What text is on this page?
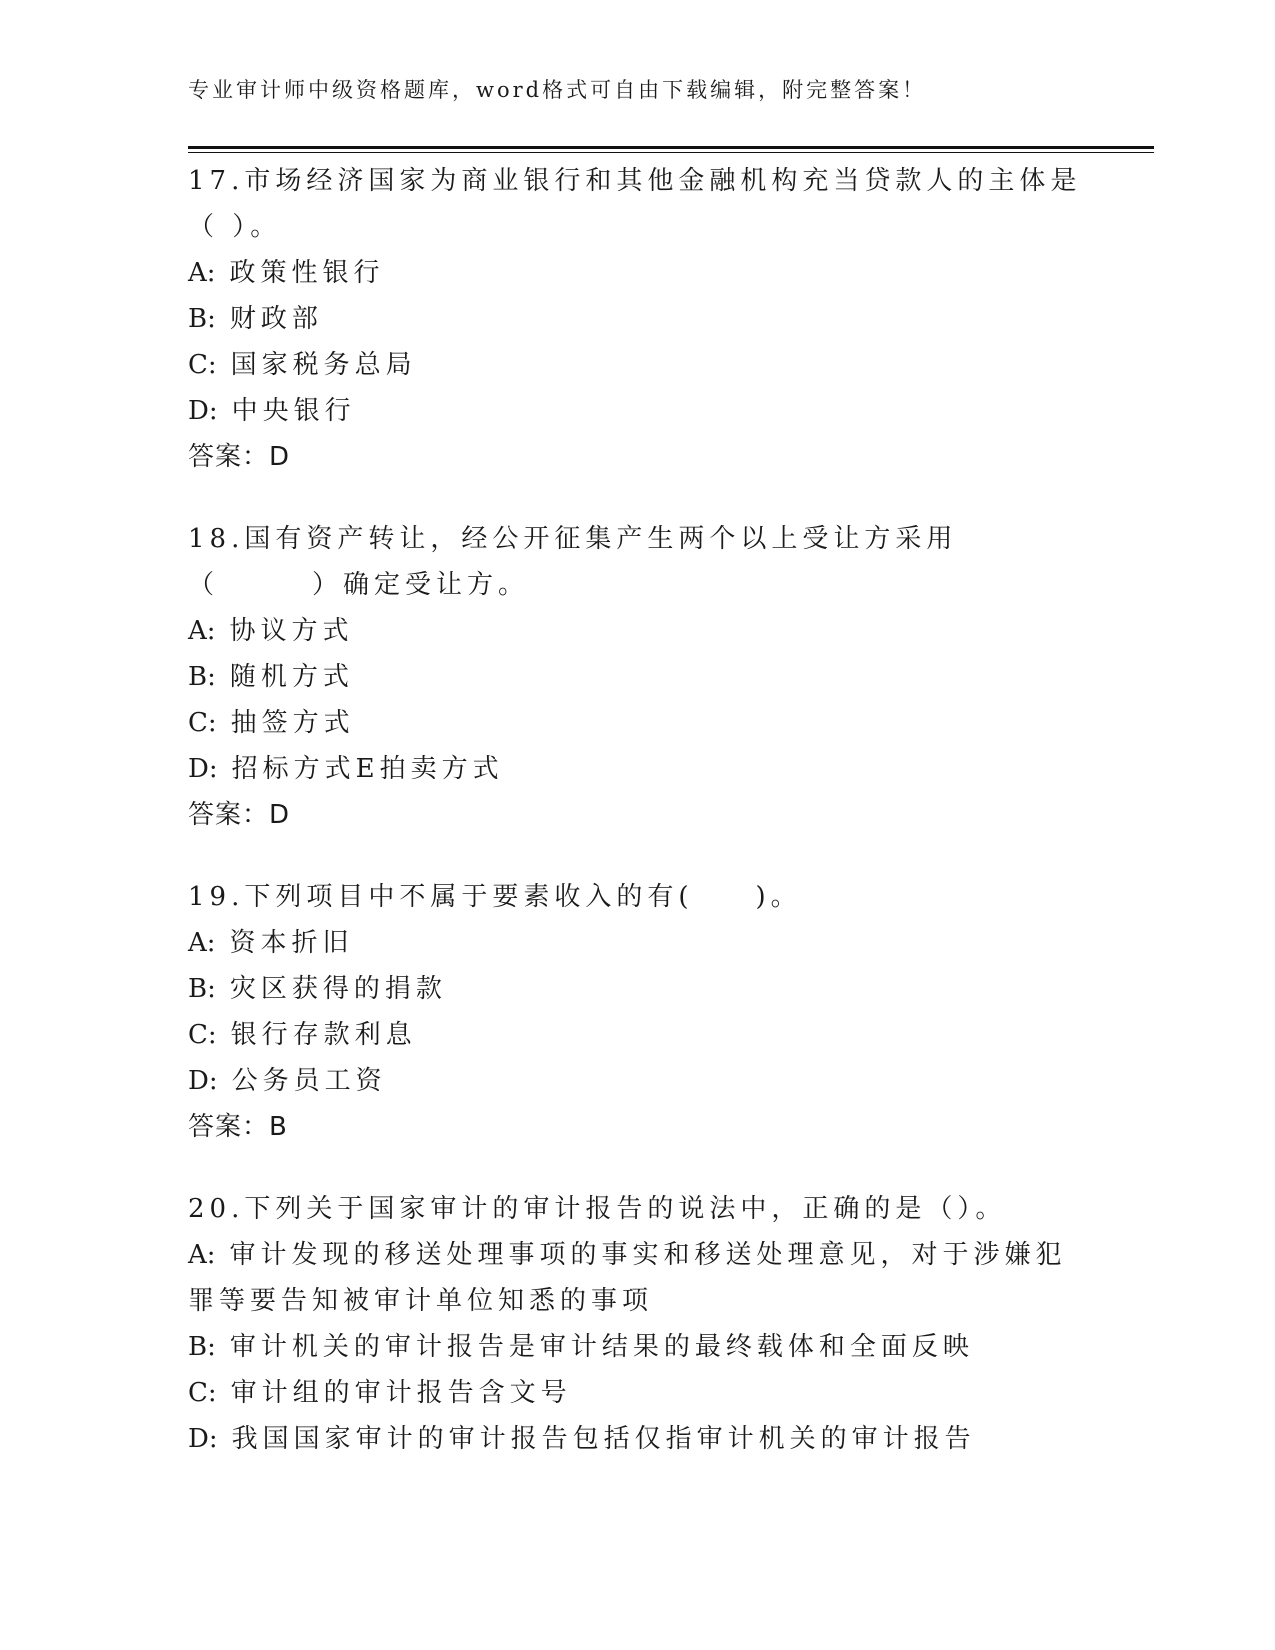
专业审计师中级资格题库，word格式可自由下载编辑，附完整答案！

17.市场经济国家为商业银行和其他金融机构充当贷款人的主体是（ ）。

A: 政策性银行

B: 财政部

C: 国家税务总局

D: 中央银行

答案：D

18.国有资产转让，经公开征集产生两个以上受让方采用（　　　）确定受让方。

A: 协议方式

B: 随机方式

C: 抽签方式

D: 招标方式E拍卖方式

答案：D

19.下列项目中不属于要素收入的有(　　)。

A: 资本折旧

B: 灾区获得的捐款

C: 银行存款利息

D: 公务员工资

答案：B

20.下列关于国家审计的审计报告的说法中，正确的是（）。

A: 审计发现的移送处理事项的事实和移送处理意见，对于涉嫌犯罪等要告知被审计单位知悉的事项

B: 审计机关的审计报告是审计结果的最终载体和全面反映

C: 审计组的审计报告含文号

D: 我国国家审计的审计报告包括仅指审计机关的审计报告
